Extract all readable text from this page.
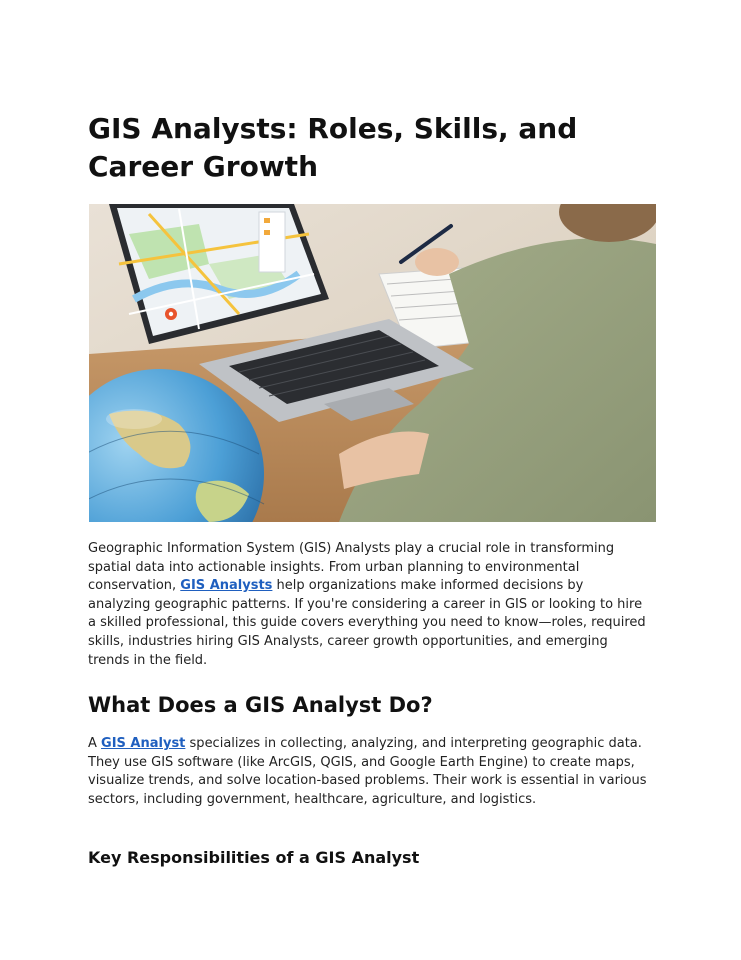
GIS Analysts: Roles, Skills, and Career Growth

Geographic Information System (GIS) Analysts play a crucial role in transforming spatial data into actionable insights. From urban planning to environmental conservation, GIS Analysts help organizations make informed decisions by analyzing geographic patterns. If you're considering a career in GIS or looking to hire a skilled professional, this guide covers everything you need to know—roles, required skills, industries hiring GIS Analysts, career growth opportunities, and emerging trends in the field.

What Does a GIS Analyst Do?

A GIS Analyst specializes in collecting, analyzing, and interpreting geographic data. They use GIS software (like ArcGIS, QGIS, and Google Earth Engine) to create maps, visualize trends, and solve location-based problems. Their work is essential in various sectors, including government, healthcare, agriculture, and logistics.

Key Responsibilities of a GIS Analyst
